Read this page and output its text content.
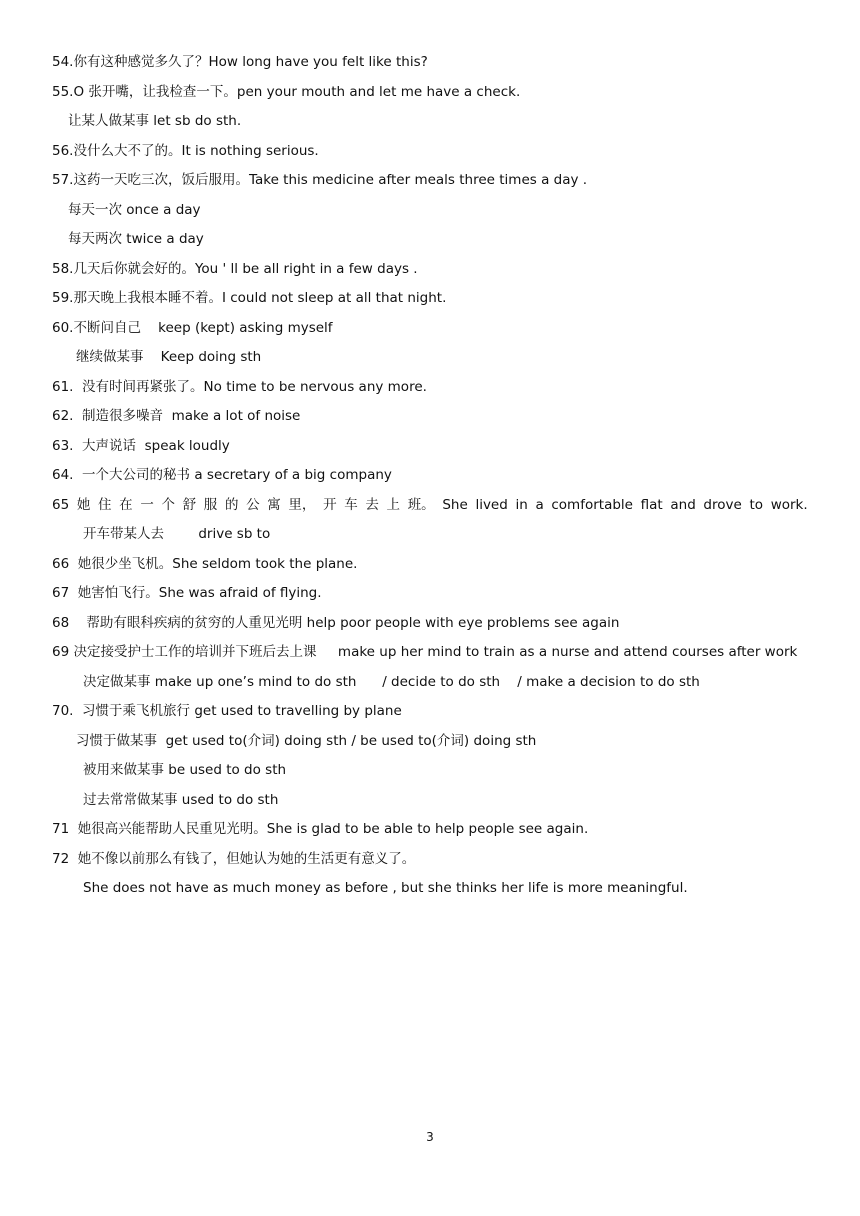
54.你有这种感觉多久了？How long have you felt like this?
55.O 张开嘴，让我检查一下。pen your mouth and let me have a check.
让某人做某事 let sb do sth.
56.没什么大不了的。It is nothing serious.
57.这药一天吃三次，饭后服用。Take this medicine after meals three times a day .
每天一次 once a day
每天两次 twice a day
58.几天后你就会好的。You ' ll be all right in a few days .
59.那天晚上我根本睡不着。I could not sleep at all that night.
60.不断问自己    keep (kept) asking myself
继续做某事    Keep doing sth
61.  没有时间再紧张了。No time to be nervous any more.
62.  制造很多噪音  make a lot of noise
63.  大声说话  speak loudly
64.  一个大公司的秘书 a secretary of a big company
65 她 住 在 一 个 舒 服 的 公 寓 里， 开 车 去 上 班。 She lived in a comfortable flat and drove to work.
开车带某人去        drive sb to
66  她很少坐飞机。She seldom took the plane.
67  她害怕飞行。She was afraid of flying.
68    帮助有眼科疾病的贫穷的人重见光明 help poor people with eye problems see again
69 决定接受护士工作的培训并下班后去上课     make up her mind to train as a nurse and attend courses after work
决定做某事 make up one’s mind to do sth      / decide to do sth    / make a decision to do sth
70.  习惯于乘飞机旅行 get used to travelling by plane
习惯于做某事  get used to(介词) doing sth / be used to(介词) doing sth
被用来做某事 be used to do sth
过去常常做某事 used to do sth
71  她很高兴能帮助人民重见光明。She is glad to be able to help people see again.
72  她不像以前那么有钱了，但她认为她的生活更有意义了。
She does not have as much money as before , but she thinks her life is more meaningful.
3
